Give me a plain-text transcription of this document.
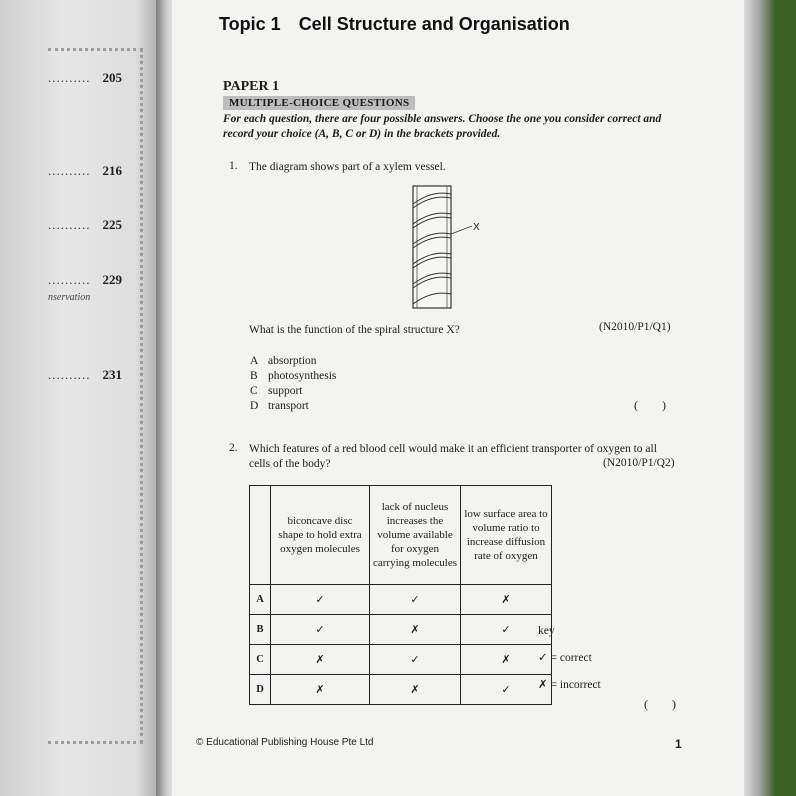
.......... 205
.......... 216
.......... 225
.......... 229
nservation
.......... 231
Topic 1 Cell Structure and Organisation
PAPER 1
MULTIPLE-CHOICE QUESTIONS
For each question, there are four possible answers. Choose the one you consider correct and record your choice (A, B, C or D) in the brackets provided.
1. The diagram shows part of a xylem vessel.
X
What is the function of the spiral structure X?	(N2010/P1/Q1)
A absorption
B photosynthesis
C support
D transport	(        )
2. Which features of a red blood cell would make it an efficient transporter of oxygen to all
cells of the body?	(N2010/P1/Q2)
	biconcave disc shape to hold extra oxygen molecules	lack of nucleus increases the volume available for oxygen carrying molecules	low surface area to volume ratio to increase diffusion rate of oxygen
A	✓	✓	✗
B	✓	✗	✓
C	✗	✓	✗
D	✗	✗	✓
key
✓ = correct
✗ = incorrect
(        )
© Educational Publishing House Pte Ltd	1
